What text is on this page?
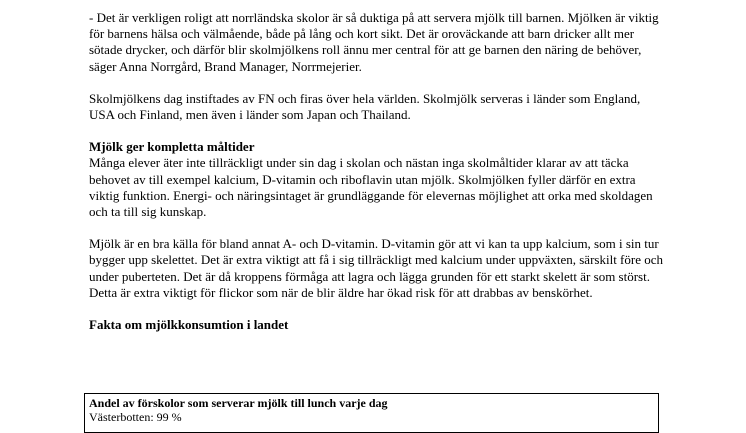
- Det är verkligen roligt att norrländska skolor är så duktiga på att servera mjölk till barnen. Mjölken är viktig för barnens hälsa och välmående, både på lång och kort sikt. Det är oroväckande att barn dricker allt mer sötade drycker, och därför blir skolmjölkens roll ännu mer central för att ge barnen den näring de behöver, säger Anna Norrgård, Brand Manager, Norrmejerier.

Skolmjölkens dag instiftades av FN och firas över hela världen. Skolmjölk serveras i länder som England, USA och Finland, men även i länder som Japan och Thailand.

Mjölk ger kompletta måltider

Många elever äter inte tillräckligt under sin dag i skolan och nästan inga skolmåltider klarar av att täcka behovet av till exempel kalcium, D-vitamin och riboflavin utan mjölk. Skolmjölken fyller därför en extra viktig funktion. Energi- och näringsintaget är grundläggande för elevernas möjlighet att orka med skoldagen och ta till sig kunskap.

Mjölk är en bra källa för bland annat A- och D-vitamin. D-vitamin gör att vi kan ta upp kalcium, som i sin tur bygger upp skelettet. Det är extra viktigt att få i sig tillräckligt med kalcium under uppväxten, särskilt före och under puberteten. Det är då kroppens förmåga att lagra och lägga grunden för ett starkt skelett är som störst. Detta är extra viktigt för flickor som när de blir äldre har ökad risk för att drabbas av benskörhet.

Fakta om mjölkkonsumtion i landet

Andel av förskolor som serverar mjölk till lunch varje dag

Västerbotten: 99 %
